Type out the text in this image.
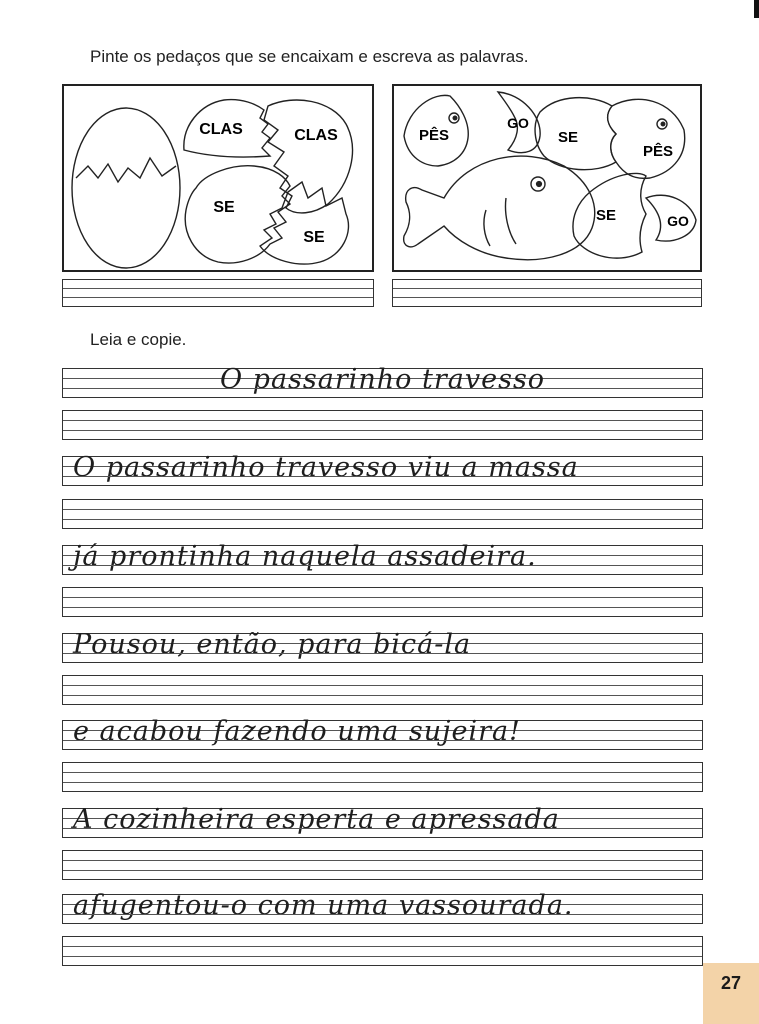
Pinte os pedaços que se encaixam e escreva as palavras.
CLAS	CLAS
SE
SE
PÊS
GO
SE
PÊS
SE	GO
Leia e copie.
O passarinho travesso
O passarinho travesso viu a massa
já prontinha naquela assadeira.
Pousou, então, para bicá-la
e acabou fazendo uma sujeira!
A cozinheira esperta e apressada
afugentou-o com uma vassourada.
27
